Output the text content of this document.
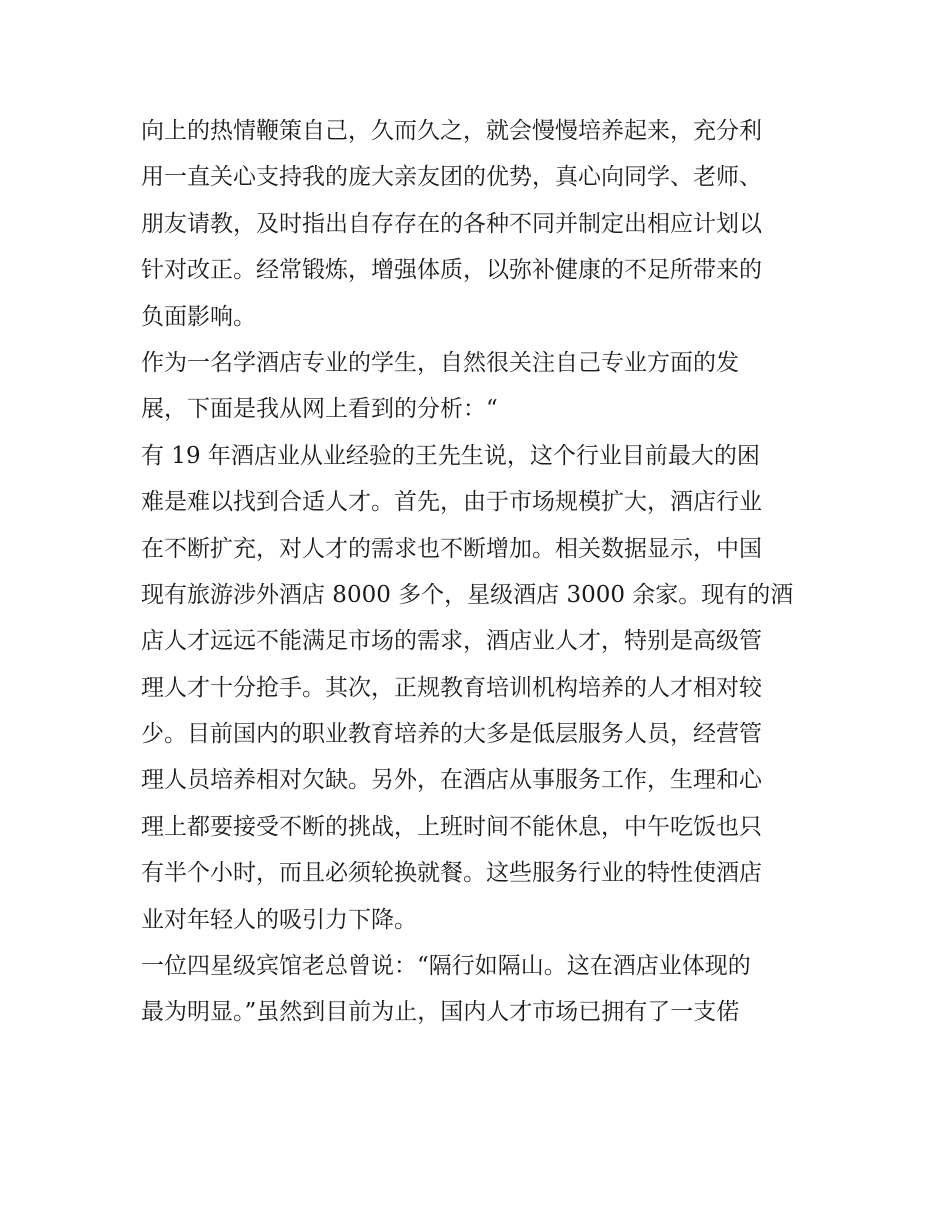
向上的热情鞭策自己，久而久之，就会慢慢培养起来，充分利
用一直关心支持我的庞大亲友团的优势，真心向同学、老师、
朋友请教，及时指出自存存在的各种不同并制定出相应计划以
针对改正。经常锻炼，增强体质，以弥补健康的不足所带来的
负面影响。
作为一名学酒店专业的学生，自然很关注自己专业方面的发
展，下面是我从网上看到的分析：“
有 19 年酒店业从业经验的王先生说，这个行业目前最大的困
难是难以找到合适人才。首先，由于市场规模扩大，酒店行业
在不断扩充，对人才的需求也不断增加。相关数据显示，中国
现有旅游涉外酒店 8000 多个，星级酒店 3000 余家。现有的酒
店人才远远不能满足市场的需求，酒店业人才，特别是高级管
理人才十分抢手。其次，正规教育培训机构培养的人才相对较
少。目前国内的职业教育培养的大多是低层服务人员，经营管
理人员培养相对欠缺。另外，在酒店从事服务工作，生理和心
理上都要接受不断的挑战，上班时间不能休息，中午吃饭也只
有半个小时，而且必须轮换就餐。这些服务行业的特性使酒店
业对年轻人的吸引力下降。
一位四星级宾馆老总曾说：“隔行如隔山。这在酒店业体现的
最为明显。”虽然到目前为止，国内人才市场已拥有了一支偌
